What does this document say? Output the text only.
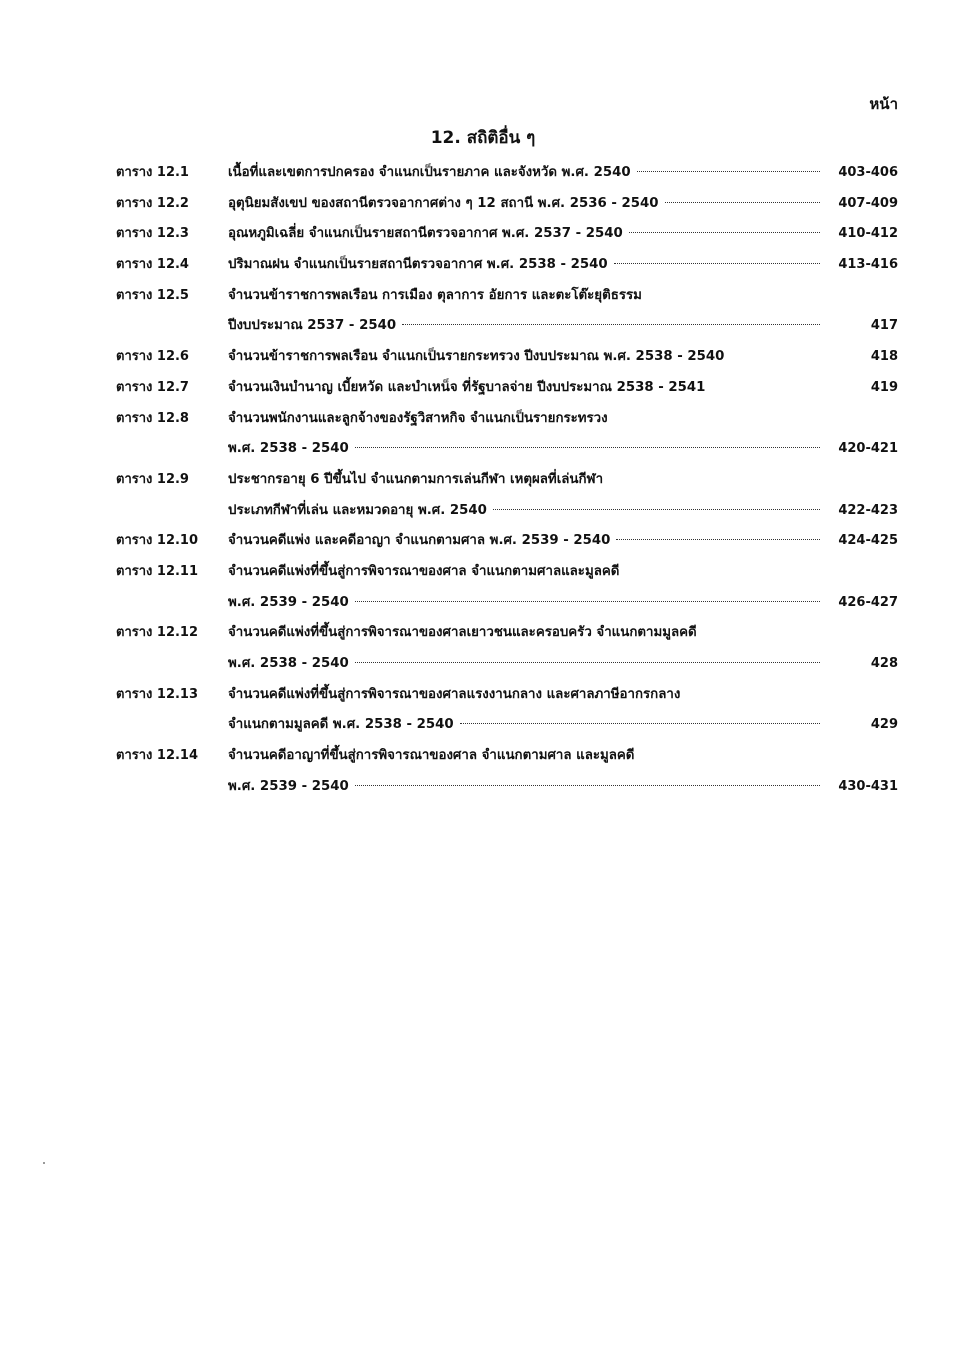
หน้า
12. สถิติอื่น ๆ
ตาราง 12.1	เนื้อที่และเขตการปกครอง จำแนกเป็นรายภาค และจังหวัด พ.ศ. 2540	403-406
ตาราง 12.2	อุตุนิยมสังเขป ของสถานีตรวจอากาศต่าง ๆ 12 สถานี พ.ศ. 2536 - 2540	407-409
ตาราง 12.3	อุณหภูมิเฉลี่ย จำแนกเป็นรายสถานีตรวจอากาศ พ.ศ. 2537 - 2540	410-412
ตาราง 12.4	ปริมาณฝน จำแนกเป็นรายสถานีตรวจอากาศ พ.ศ. 2538 - 2540	413-416
ตาราง 12.5	จำนวนข้าราชการพลเรือน การเมือง ตุลาการ อัยการ และตะโต๊ะยุติธรรม
ปีงบประมาณ 2537 - 2540	417
ตาราง 12.6	จำนวนข้าราชการพลเรือน จำแนกเป็นรายกระทรวง ปีงบประมาณ พ.ศ. 2538 - 2540	418
ตาราง 12.7	จำนวนเงินบำนาญ เบี้ยหวัด และบำเหน็จ ที่รัฐบาลจ่าย ปีงบประมาณ 2538 - 2541	419
ตาราง 12.8	จำนวนพนักงานและลูกจ้างของรัฐวิสาหกิจ จำแนกเป็นรายกระทรวง
พ.ศ. 2538 - 2540	420-421
ตาราง 12.9	ประชากรอายุ 6 ปีขึ้นไป จำแนกตามการเล่นกีฬา เหตุผลที่เล่นกีฬา
ประเภทกีฬาที่เล่น และหมวดอายุ พ.ศ. 2540	422-423
ตาราง 12.10	จำนวนคดีแพ่ง และคดีอาญา จำแนกตามศาล พ.ศ. 2539 - 2540	424-425
ตาราง 12.11	จำนวนคดีแพ่งที่ขึ้นสู่การพิจารณาของศาล จำแนกตามศาลและมูลคดี
พ.ศ. 2539 - 2540	426-427
ตาราง 12.12	จำนวนคดีแพ่งที่ขึ้นสู่การพิจารณาของศาลเยาวชนและครอบครัว จำแนกตามมูลคดี
พ.ศ. 2538 - 2540	428
ตาราง 12.13	จำนวนคดีแพ่งที่ขึ้นสู่การพิจารณาของศาลแรงงานกลาง และศาลภาษีอากรกลาง
จำแนกตามมูลคดี พ.ศ. 2538 - 2540	429
ตาราง 12.14	จำนวนคดีอาญาที่ขึ้นสู่การพิจารณาของศาล จำแนกตามศาล และมูลคดี
พ.ศ. 2539 - 2540	430-431
